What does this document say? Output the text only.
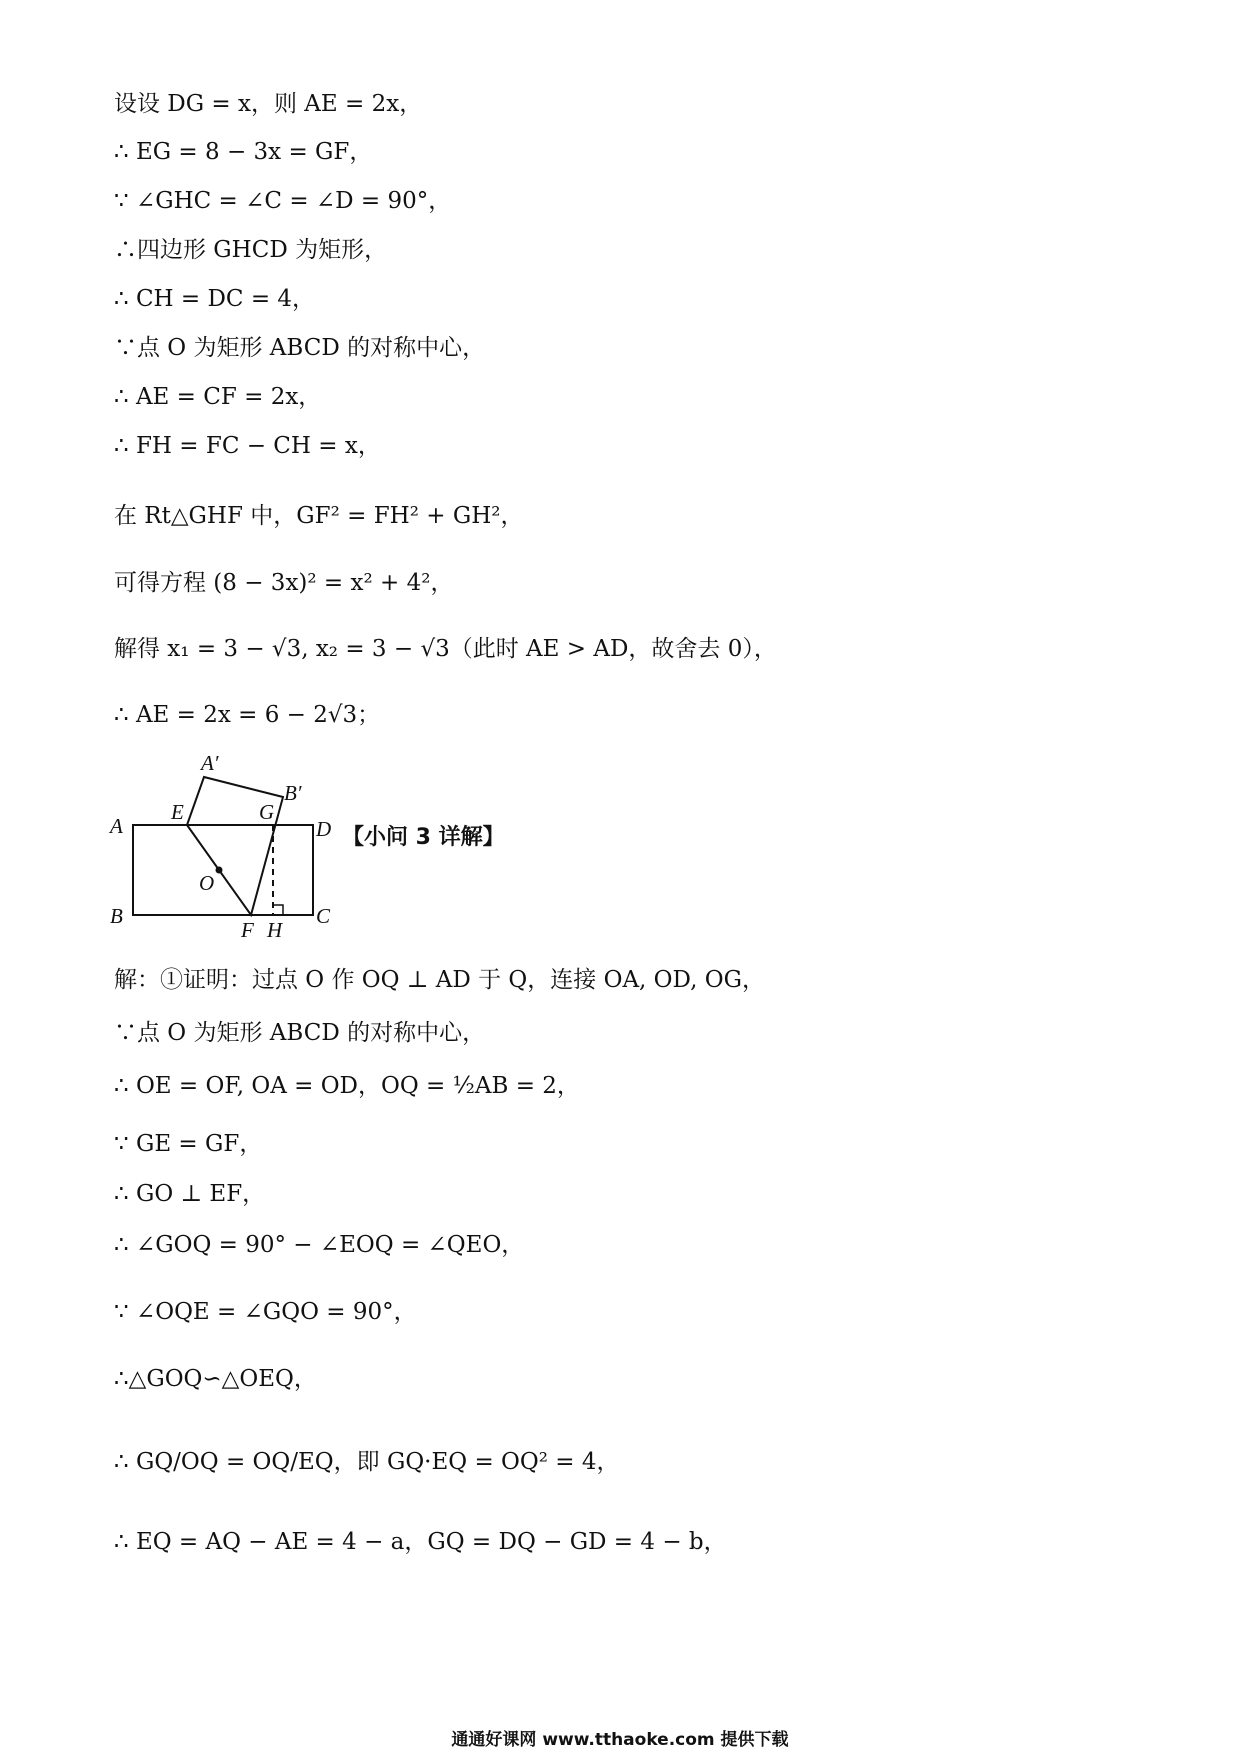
设设 DG = x，则 AE = 2x，
∴ EG = 8 − 3x = GF，
∵ ∠GHC = ∠C = ∠D = 90°，
∴四边形 GHCD 为矩形，
∴ CH = DC = 4，
∵点 O 为矩形 ABCD 的对称中心，
∴ AE = CF = 2x，
∴ FH = FC − CH = x，
在 Rt△GHF 中，GF² = FH² + GH²，
可得方程 (8 − 3x)² = x² + 4²，
解得 x₁ = 3 − √3, x₂ = 3 − √3（此时 AE > AD，故舍去 0），
∴ AE = 2x = 6 − 2√3；
A′
B′
A
E	G
D
O
B
F H
C
【小问 3 详解】
解：①证明：过点 O 作 OQ ⊥ AD 于 Q，连接 OA, OD, OG，
∵点 O 为矩形 ABCD 的对称中心，
∴ OE = OF, OA = OD，OQ = ½AB = 2，
∵ GE = GF，
∴ GO ⊥ EF，
∴ ∠GOQ = 90° − ∠EOQ = ∠QEO，
∵ ∠OQE = ∠GQO = 90°，
∴△GOQ∽△OEQ，
∴ GQ/OQ = OQ/EQ，即 GQ·EQ = OQ² = 4，
∴ EQ = AQ − AE = 4 − a，GQ = DQ − GD = 4 − b，
通通好课网 www.tthaoke.com 提供下载
